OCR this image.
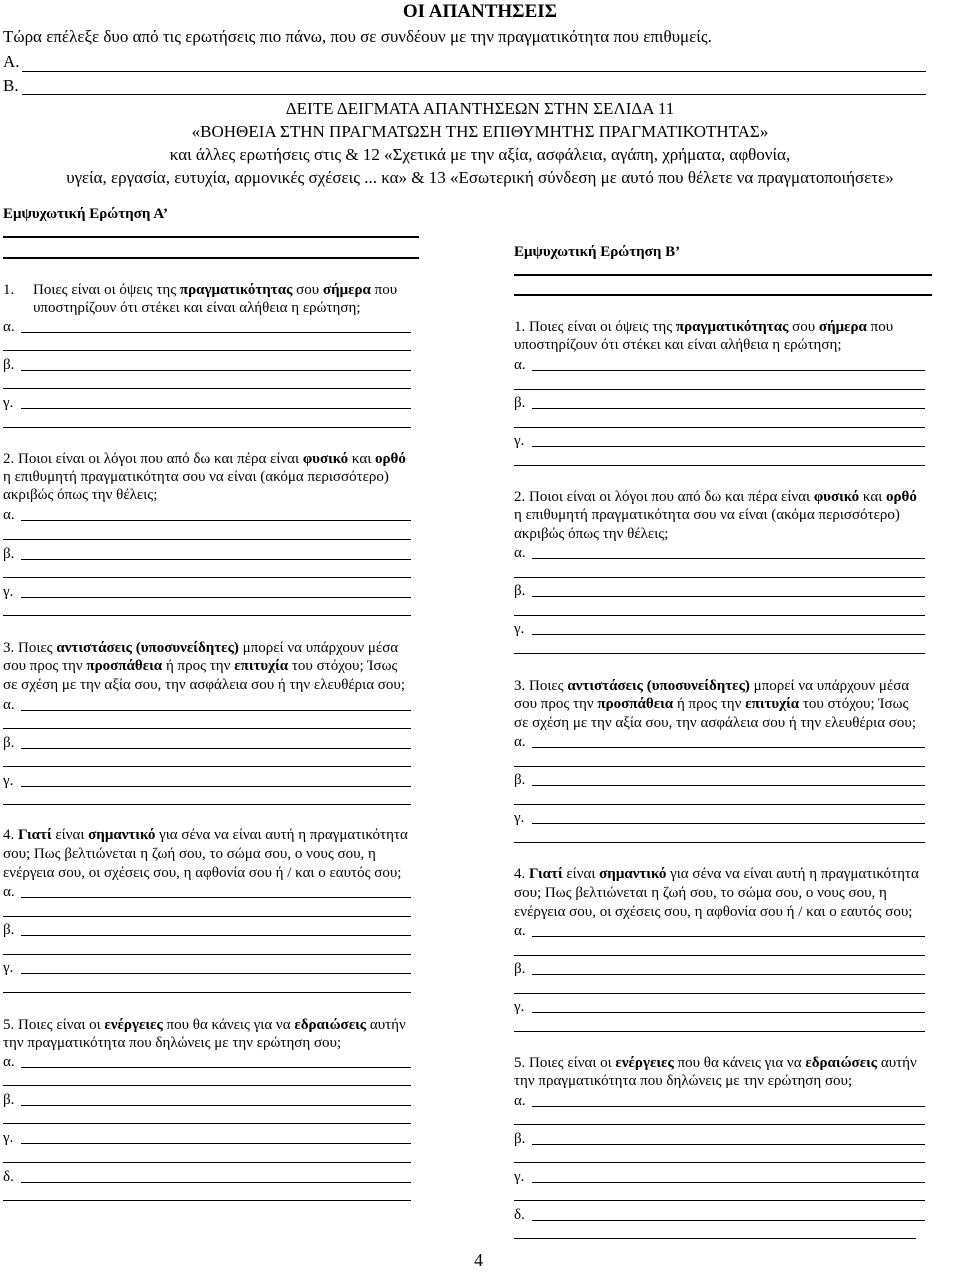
ΟΙ ΑΠΑΝΤΗΣΕΙΣ
Τώρα επέλεξε δυο από τις ερωτήσεις πιο πάνω, που σε συνδέουν με την πραγματικότητα που επιθυμείς.
A.
B.
ΔΕΙΤΕ ΔΕΙΓΜΑΤΑ ΑΠΑΝΤΗΣΕΩΝ ΣΤΗΝ ΣΕΛΙΔΑ 11
«ΒΟΗΘΕΙΑ ΣΤΗΝ ΠΡΑΓΜΑΤΩΣΗ ΤΗΣ ΕΠΙΘΥΜΗΤΗΣ ΠΡΑΓΜΑΤΙΚΟΤΗΤΑΣ»
και άλλες ερωτήσεις στις & 12 «Σχετικά με την αξία, ασφάλεια, αγάπη, χρήματα, αφθονία,
υγεία, εργασία, ευτυχία, αρμονικές σχέσεις ... κα» & 13 «Εσωτερική σύνδεση με αυτό που θέλετε να πραγματοποιήσετε»
Εμψυχωτική Ερώτηση Α’
1. Ποιες είναι οι όψεις της πραγματικότητας σου σήμερα που
υποστηρίζουν ότι στέκει και είναι αλήθεια η ερώτηση;
α.
β.
γ.
2. Ποιοι είναι οι λόγοι που από δω και πέρα είναι φυσικό και ορθό
η επιθυμητή πραγματικότητα σου να είναι (ακόμα περισσότερο)
ακριβώς όπως την θέλεις;
α.
β.
γ.
3. Ποιες αντιστάσεις (υποσυνείδητες) μπορεί να υπάρχουν μέσα
σου προς την προσπάθεια ή προς την επιτυχία του στόχου; Ίσως
σε σχέση με την αξία σου, την ασφάλεια σου ή την ελευθέρια σου;
α.
β.
γ.
4. Γιατί είναι σημαντικό για σένα να είναι αυτή η πραγματικότητα
σου; Πως βελτιώνεται η ζωή σου, το σώμα σου, ο νους σου, η
ενέργεια σου, οι σχέσεις σου, η αφθονία σου ή / και ο εαυτός σου;
α.
β.
γ.
5. Ποιες είναι οι ενέργειες που θα κάνεις για να εδραιώσεις αυτήν
την πραγματικότητα που δηλώνεις με την ερώτηση σου;
α.
β.
γ.
δ.
Εμψυχωτική Ερώτηση Β’
1. Ποιες είναι οι όψεις της πραγματικότητας σου σήμερα που
υποστηρίζουν ότι στέκει και είναι αλήθεια η ερώτηση;
α.
β.
γ.
2. Ποιοι είναι οι λόγοι που από δω και πέρα είναι φυσικό και ορθό
η επιθυμητή πραγματικότητα σου να είναι (ακόμα περισσότερο)
ακριβώς όπως την θέλεις;
α.
β.
γ.
3. Ποιες αντιστάσεις (υποσυνείδητες) μπορεί να υπάρχουν μέσα
σου προς την προσπάθεια ή προς την επιτυχία του στόχου; Ίσως
σε σχέση με την αξία σου, την ασφάλεια σου ή την ελευθέρια σου;
α.
β.
γ.
4. Γιατί είναι σημαντικό για σένα να είναι αυτή η πραγματικότητα
σου; Πως βελτιώνεται η ζωή σου, το σώμα σου, ο νους σου, η
ενέργεια σου, οι σχέσεις σου, η αφθονία σου ή / και ο εαυτός σου;
α.
β.
γ.
5. Ποιες είναι οι ενέργειες που θα κάνεις για να εδραιώσεις αυτήν
την πραγματικότητα που δηλώνεις με την ερώτηση σου;
α.
β.
γ.
δ.
4
